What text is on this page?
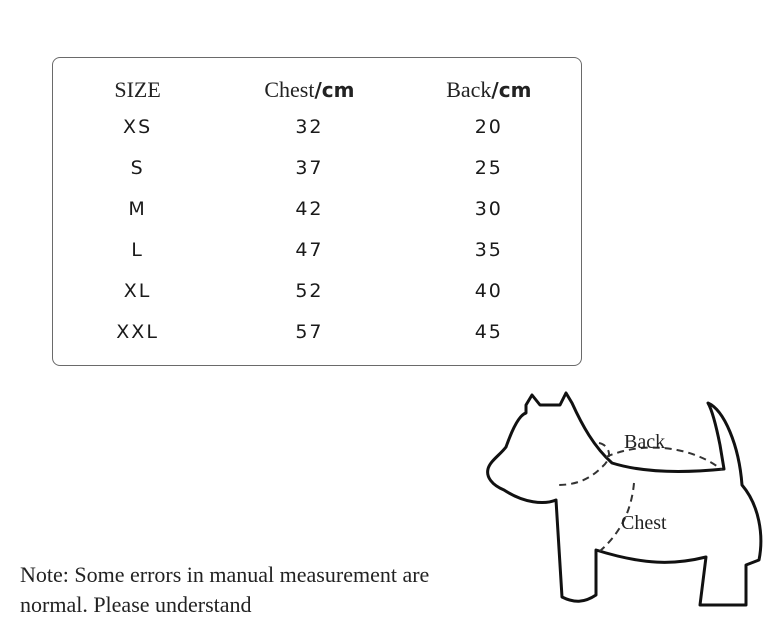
SIZE	Chest/cm	Back/cm
XS	32	20
S	37	25
M	42	30
L	47	35
XL	52	40
XXL	57	45
Back
Chest
Note: Some errors in manual measurement are
normal. Please understand
